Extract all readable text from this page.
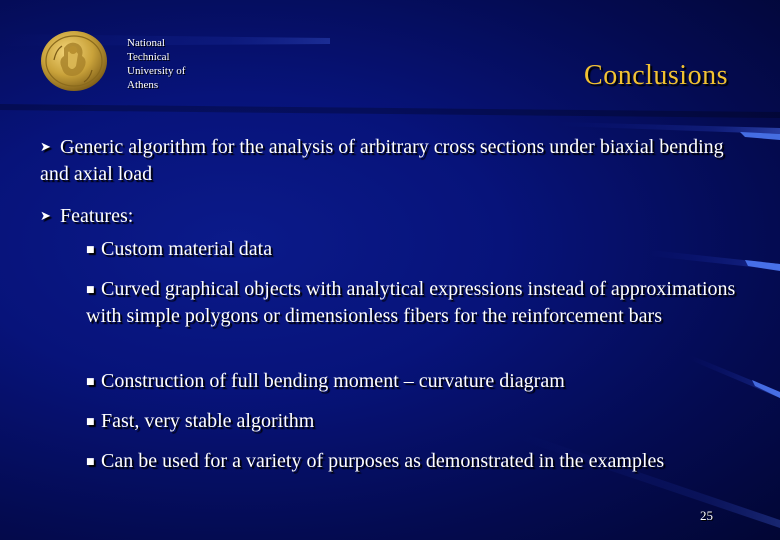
National
Technical
University of
Athens	Conclusions
➤ Generic algorithm for the analysis of arbitrary cross sections under biaxial bending and axial load
➤ Features:
■ Custom material data
■ Curved graphical objects with analytical expressions instead of approximations with simple polygons or dimensionless fibers for the reinforcement bars
■ Construction of full bending moment – curvature diagram
■ Fast, very stable algorithm
■ Can be used for a variety of purposes as demonstrated in the examples
25
